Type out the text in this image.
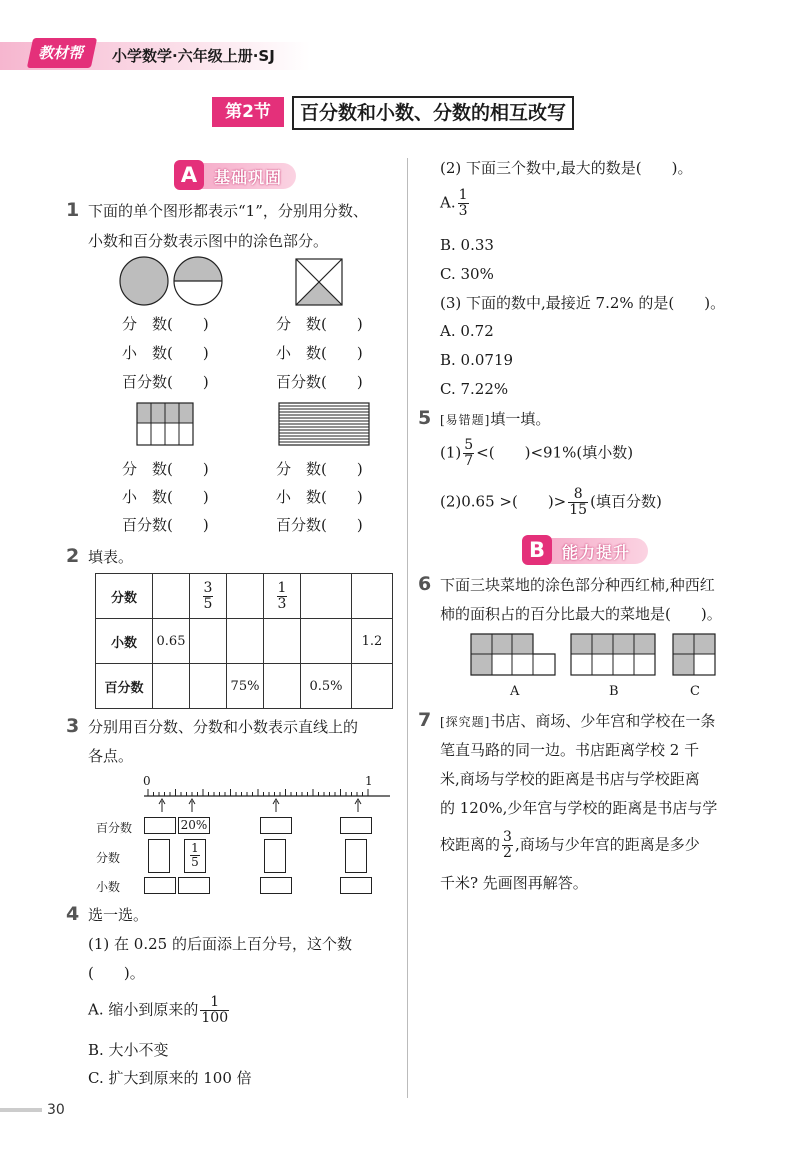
教材帮	小学数学·六年级上册·SJ
第2节	百分数和小数、分数的相互改写
A	基础巩固
1 下面的单个图形都表示“1”，分别用分数、
小数和百分数表示图中的涂色部分。
分　数(　　)
小　数(　　)
百分数(　　)
分　数(　　)
小　数(　　)
百分数(　　)
分　数(　　)
小　数(　　)
百分数(　　)
分　数(　　)
小　数(　　)
百分数(　　)
2 填表。
分数		$\frac{3}{5}$		$\frac{1}{3}$

小数	0.65					1.2
百分数			75%		0.5%	
3 分别用百分数、分数和小数表示直线上的
各点。
0	1
百分数
分数
小数
20%
$\frac{1}{5}$
4 选一选。
(1) 在 0.25 的后面添上百分号，这个数
(　　)。
A. 缩小到原来的 $\frac{1}{100}$
B. 大小不变
C. 扩大到原来的 100 倍
(2) 下面三个数中,最大的数是(　　)。
A. $\frac{1}{3}$
B. 0.33
C. 30%
(3) 下面的数中,最接近 7.2% 的是(　　)。
A. 0.72
B. 0.0719
C. 7.22%
5 [易错题]填一填。
$(1) \frac{5}{7}$ <(　　)<91%(填小数)
(2)0.65 >(　　)> $\frac{8}{15}$ (填百分数)
B	能力提升
6 下面三块菜地的涂色部分种西红柿,种西红
柿的面积占的百分比最大的菜地是(　　)。
A	B	C
7 [探究题]书店、商场、少年宫和学校在一条
笔直马路的同一边。书店距离学校 2 千
米,商场与学校的距离是书店与学校距离
的 120%,少年宫与学校的距离是书店与学
校距离的 $\frac{3}{2}$ ,商场与少年宫的距离是多少
千米? 先画图再解答。
30
